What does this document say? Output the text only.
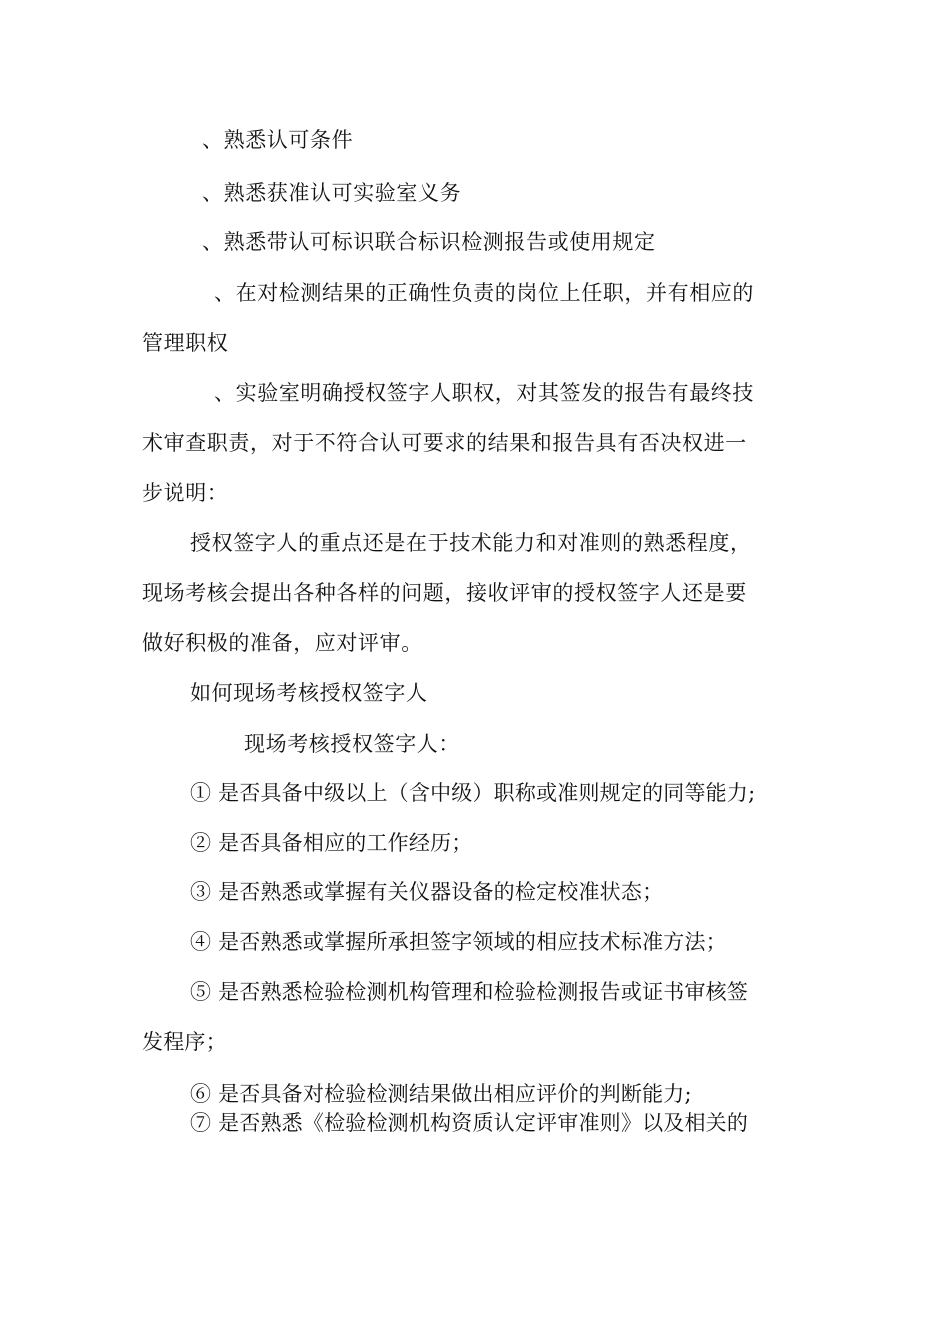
、熟悉认可条件
、熟悉获准认可实验室义务
、熟悉带认可标识联合标识检测报告或使用规定
、在对检测结果的正确性负责的岗位上任职，并有相应的
管理职权
、实验室明确授权签字人职权，对其签发的报告有最终技
术审查职责，对于不符合认可要求的结果和报告具有否决权进一
步说明：
授权签字人的重点还是在于技术能力和对准则的熟悉程度，
现场考核会提出各种各样的问题，接收评审的授权签字人还是要
做好积极的准备，应对评审。
如何现场考核授权签字人
现场考核授权签字人：
① 是否具备中级以上（含中级）职称或准则规定的同等能力;
② 是否具备相应的工作经历；
③ 是否熟悉或掌握有关仪器设备的检定校准状态；
④ 是否熟悉或掌握所承担签字领域的相应技术标准方法；
⑤ 是否熟悉检验检测机构管理和检验检测报告或证书审核签
发程序；
⑥ 是否具备对检验检测结果做出相应评价的判断能力;
⑦ 是否熟悉《检验检测机构资质认定评审准则》以及相关的
